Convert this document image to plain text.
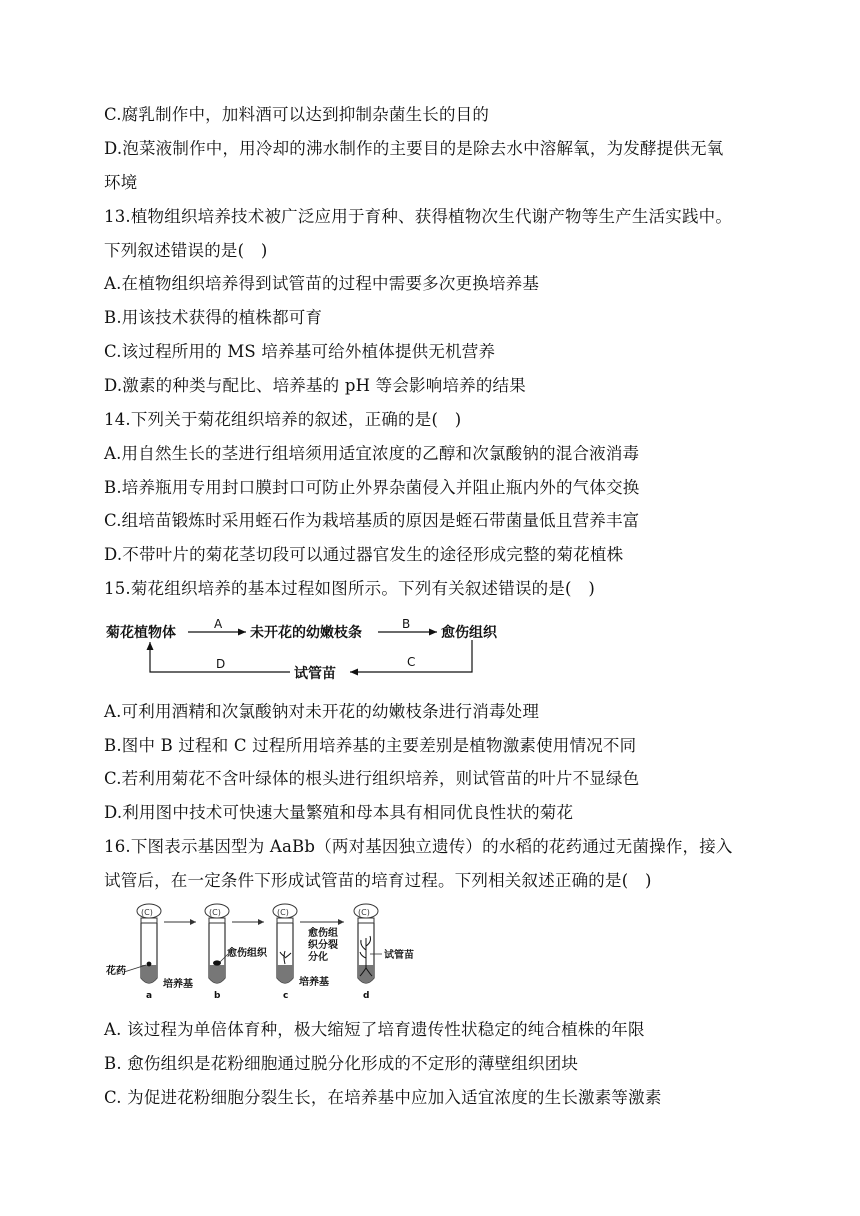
C.腐乳制作中，加料酒可以达到抑制杂菌生长的目的
D.泡菜液制作中，用冷却的沸水制作的主要目的是除去水中溶解氧，为发酵提供无氧
环境
13.植物组织培养技术被广泛应用于育种、获得植物次生代谢产物等生产生活实践中。
下列叙述错误的是(　)
A.在植物组织培养得到试管苗的过程中需要多次更换培养基
B.用该技术获得的植株都可育
C.该过程所用的 MS 培养基可给外植体提供无机营养
D.激素的种类与配比、培养基的 pH 等会影响培养的结果
14.下列关于菊花组织培养的叙述，正确的是(　)
A.用自然生长的茎进行组培须用适宜浓度的乙醇和次氯酸钠的混合液消毒
B.培养瓶用专用封口膜封口可防止外界杂菌侵入并阻止瓶内外的气体交换
C.组培苗锻炼时采用蛭石作为栽培基质的原因是蛭石带菌量低且营养丰富
D.不带叶片的菊花茎切段可以通过器官发生的途径形成完整的菊花植株
15.菊花组织培养的基本过程如图所示。下列有关叙述错误的是(　)
菊花植物体	未开花的幼嫩枝条	愈伤组织
试管苗
A	B
C
D
A.可利用酒精和次氯酸钠对未开花的幼嫩枝条进行消毒处理
B.图中 B 过程和 C 过程所用培养基的主要差别是植物激素使用情况不同
C.若利用菊花不含叶绿体的根头进行组织培养，则试管苗的叶片不显绿色
D.利用图中技术可快速大量繁殖和母本具有相同优良性状的菊花
16.下图表示基因型为 AaBb（两对基因独立遗传）的水稻的花药通过无菌操作，接入
试管后，在一定条件下形成试管苗的培育过程。下列相关叙述正确的是(　)
(С)
花药
培养基
a
(С)
愈伤组织
b
(С)
培养基
c
愈伤组
织分裂
分化
(С)
试管苗
d
A. 该过程为单倍体育种，极大缩短了培育遗传性状稳定的纯合植株的年限
B. 愈伤组织是花粉细胞通过脱分化形成的不定形的薄壁组织团块
C. 为促进花粉细胞分裂生长，在培养基中应加入适宜浓度的生长激素等激素
